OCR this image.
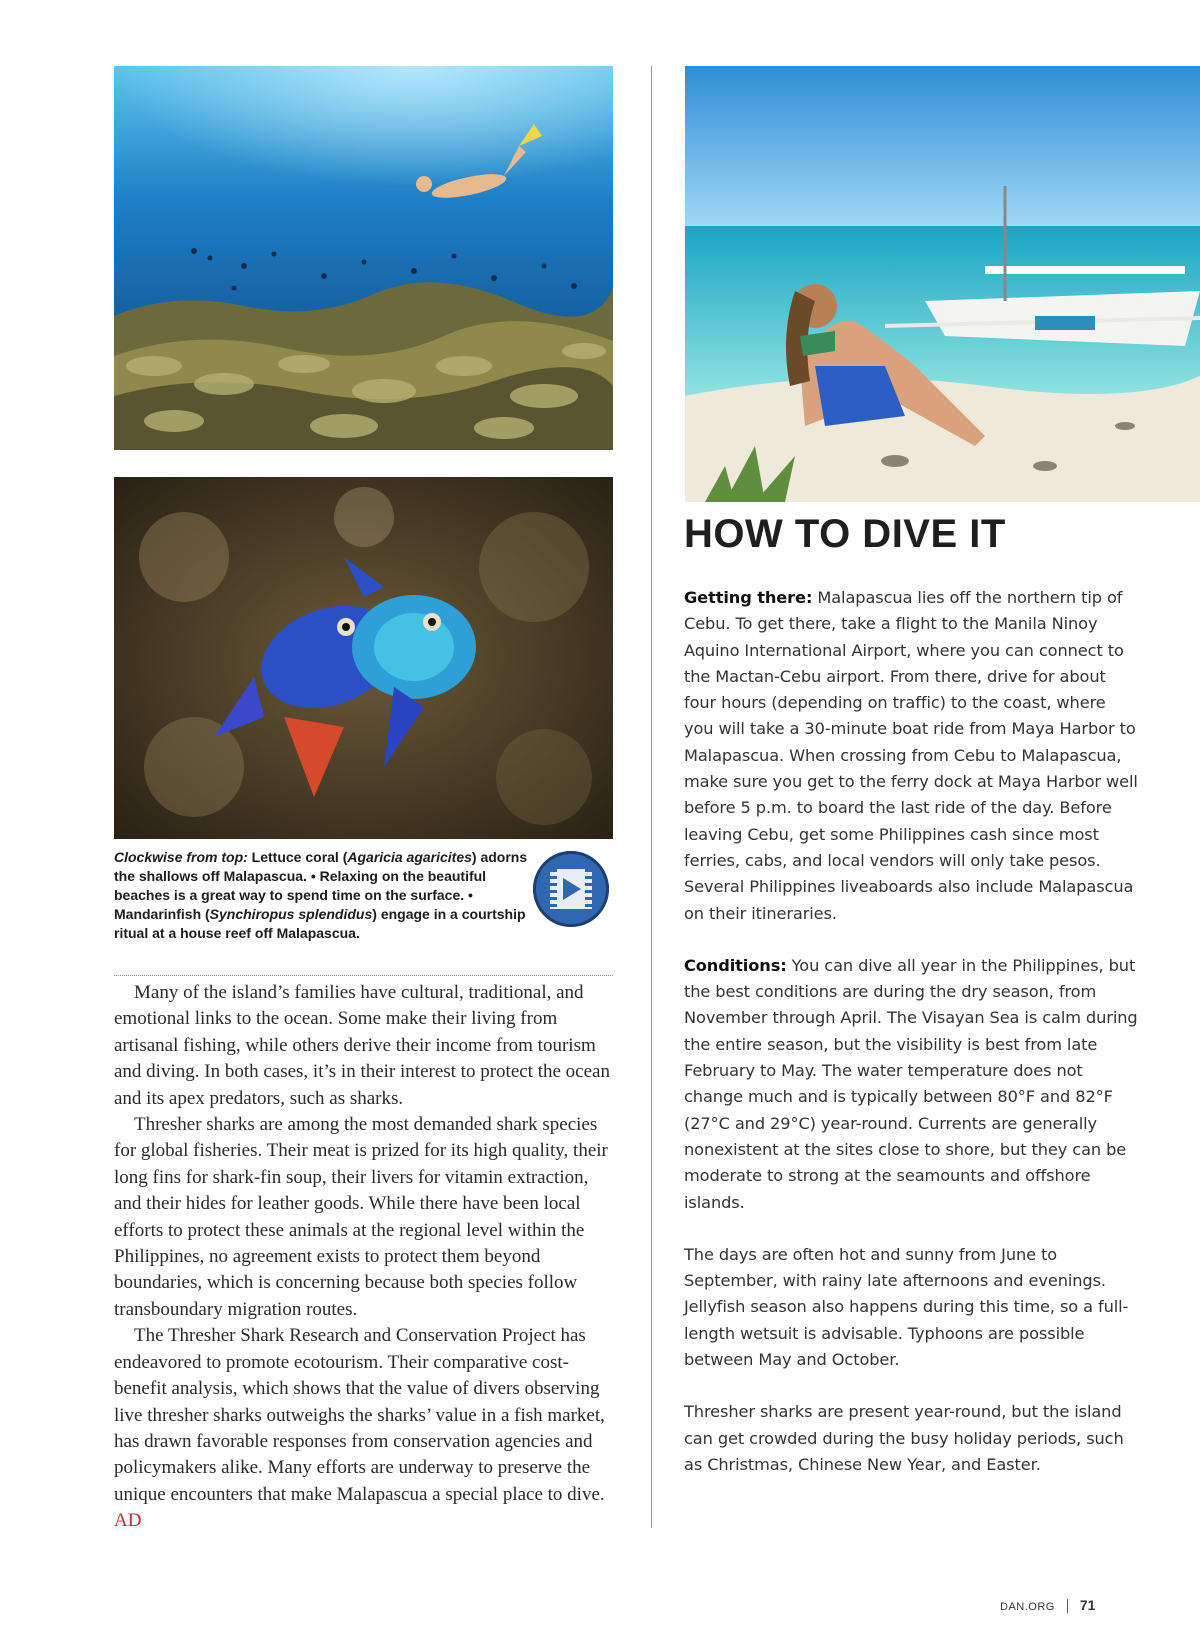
Clockwise from top: Lettuce coral (Agaricia agaricites) adorns the shallows off Malapascua. • Relaxing on the beautiful beaches is a great way to spend time on the surface. • Mandarinfish (Synchiropus splendidus) engage in a courtship ritual at a house reef off Malapascua.

Many of the island’s families have cultural, traditional, and emotional links to the ocean. Some make their living from artisanal fishing, while others derive their income from tourism and diving. In both cases, it’s in their interest to protect the ocean and its apex predators, such as sharks.

Thresher sharks are among the most demanded shark species for global fisheries. Their meat is prized for its high quality, their long fins for shark-fin soup, their livers for vitamin extraction, and their hides for leather goods. While there have been local efforts to protect these animals at the regional level within the Philippines, no agreement exists to protect them beyond boundaries, which is concerning because both species follow transboundary migration routes.

The Thresher Shark Research and Conservation Project has endeavored to promote ecotourism. Their comparative cost-benefit analysis, which shows that the value of divers observing live thresher sharks outweighs the sharks’ value in a fish market, has drawn favorable responses from conservation agencies and policymakers alike. Many efforts are underway to preserve the unique encounters that make Malapascua a special place to dive. AD

HOW TO DIVE IT

Getting there: Malapascua lies off the northern tip of Cebu. To get there, take a flight to the Manila Ninoy Aquino International Airport, where you can connect to the Mactan-Cebu airport. From there, drive for about four hours (depending on traffic) to the coast, where you will take a 30-minute boat ride from Maya Harbor to Malapascua. When crossing from Cebu to Malapascua, make sure you get to the ferry dock at Maya Harbor well before 5 p.m. to board the last ride of the day. Before leaving Cebu, get some Philippines cash since most ferries, cabs, and local vendors will only take pesos. Several Philippines liveaboards also include Malapascua on their itineraries.

Conditions: You can dive all year in the Philippines, but the best conditions are during the dry season, from November through April. The Visayan Sea is calm during the entire season, but the visibility is best from late February to May. The water temperature does not change much and is typically between 80°F and 82°F (27°C and 29°C) year-round. Currents are generally nonexistent at the sites close to shore, but they can be moderate to strong at the seamounts and offshore islands.

The days are often hot and sunny from June to September, with rainy late afternoons and evenings. Jellyfish season also happens during this time, so a full-length wetsuit is advisable. Typhoons are possible between May and October.

Thresher sharks are present year-round, but the island can get crowded during the busy holiday periods, such as Christmas, Chinese New Year, and Easter.

DAN.ORG 71
